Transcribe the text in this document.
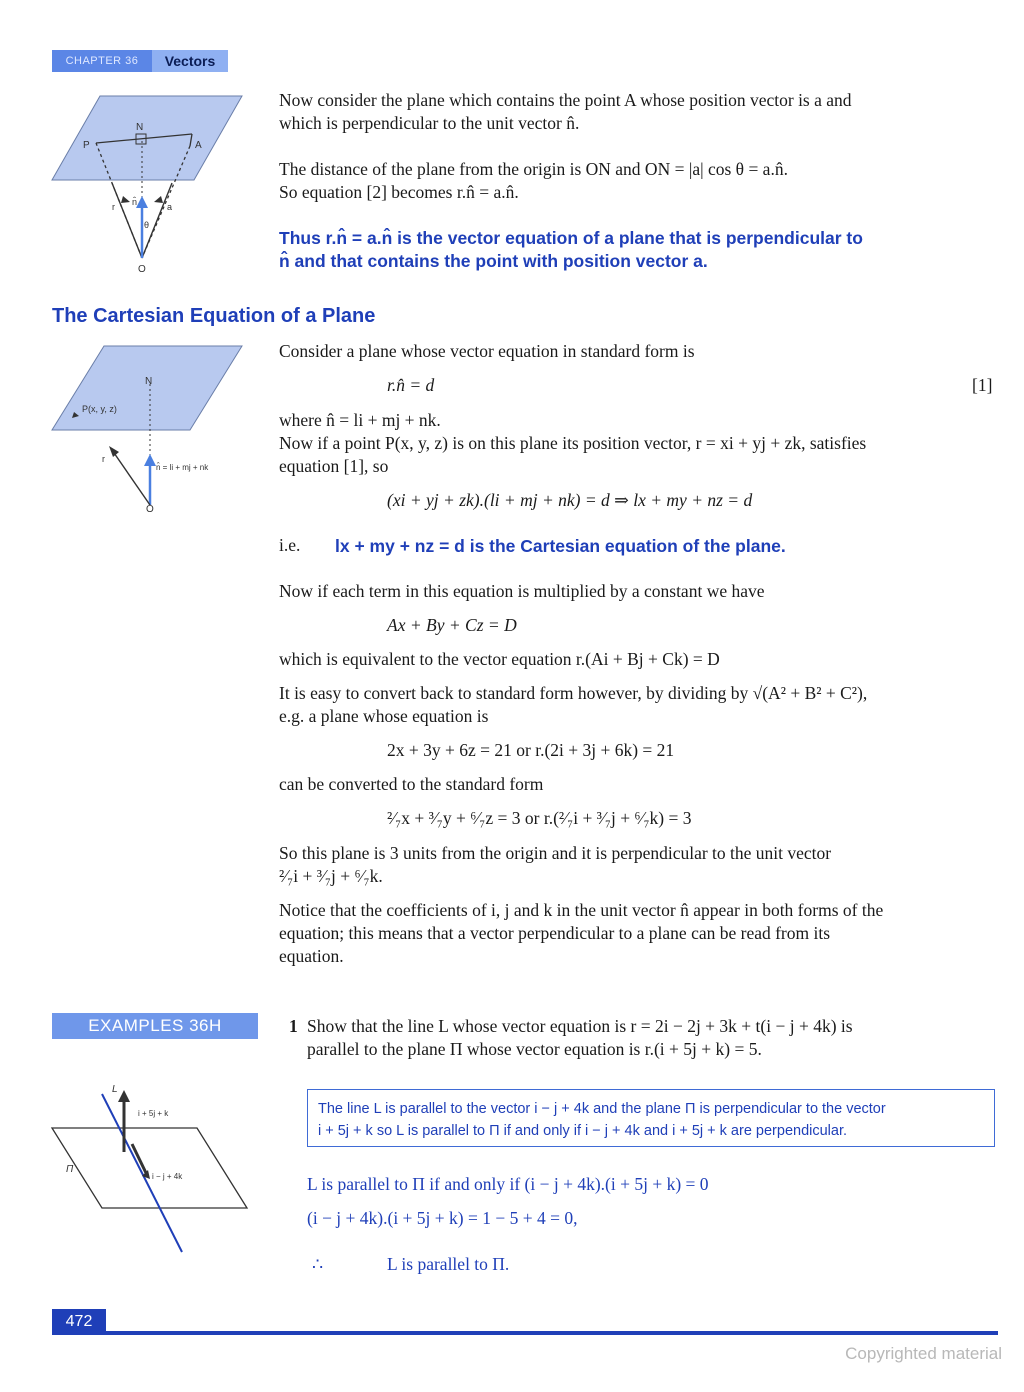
CHAPTER 36	Vectors
N
P	A
O
r	a
n̂
θ
Now consider the plane which contains the point A whose position vector is a and
which is perpendicular to the unit vector n̂.
The distance of the plane from the origin is ON and ON = |a| cos θ = a.n̂.
So equation [2] becomes r.n̂ = a.n̂.
Thus r.n̂ = a.n̂ is the vector equation of a plane that is perpendicular to
n̂ and that contains the point with position vector a.
The Cartesian Equation of a Plane
N
P(x, y, z)
r
n̂ = li + mj + nk
O
Consider a plane whose vector equation in standard form is
r.n̂ = d	[1]
where n̂ = li + mj + nk.
Now if a point P(x, y, z) is on this plane its position vector, r = xi + yj + zk, satisfies
equation [1], so
(xi + yj + zk).(li + mj + nk) = d ⇒ lx + my + nz = d
i.e. lx + my + nz = d is the Cartesian equation of the plane.
Now if each term in this equation is multiplied by a constant we have
Ax + By + Cz = D
which is equivalent to the vector equation r.(Ai + Bj + Ck) = D
It is easy to convert back to standard form however, by dividing by √(A² + B² + C²),
e.g. a plane whose equation is
2x + 3y + 6z = 21 or r.(2i + 3j + 6k) = 21
can be converted to the standard form
²⁄₇x + ³⁄₇y + ⁶⁄₇z = 3 or r.(²⁄₇i + ³⁄₇j + ⁶⁄₇k) = 3
So this plane is 3 units from the origin and it is perpendicular to the unit vector
²⁄₇i + ³⁄₇j + ⁶⁄₇k.
Notice that the coefficients of i, j and k in the unit vector n̂ appear in both forms of the
equation; this means that a vector perpendicular to a plane can be read from its
equation.
EXAMPLES 36H	1 Show that the line L whose vector equation is r = 2i − 2j + 3k + t(i − j + 4k) is
parallel to the plane Π whose vector equation is r.(i + 5j + k) = 5.
L
Π
i + 5j + k
i − j + 4k
The line L is parallel to the vector i − j + 4k and the plane Π is perpendicular to the vector
i + 5j + k so L is parallel to Π if and only if i − j + 4k and i + 5j + k are perpendicular.
L is parallel to Π if and only if (i − j + 4k).(i + 5j + k) = 0
(i − j + 4k).(i + 5j + k) = 1 − 5 + 4 = 0,
∴	L is parallel to Π.
472
Copyrighted material
